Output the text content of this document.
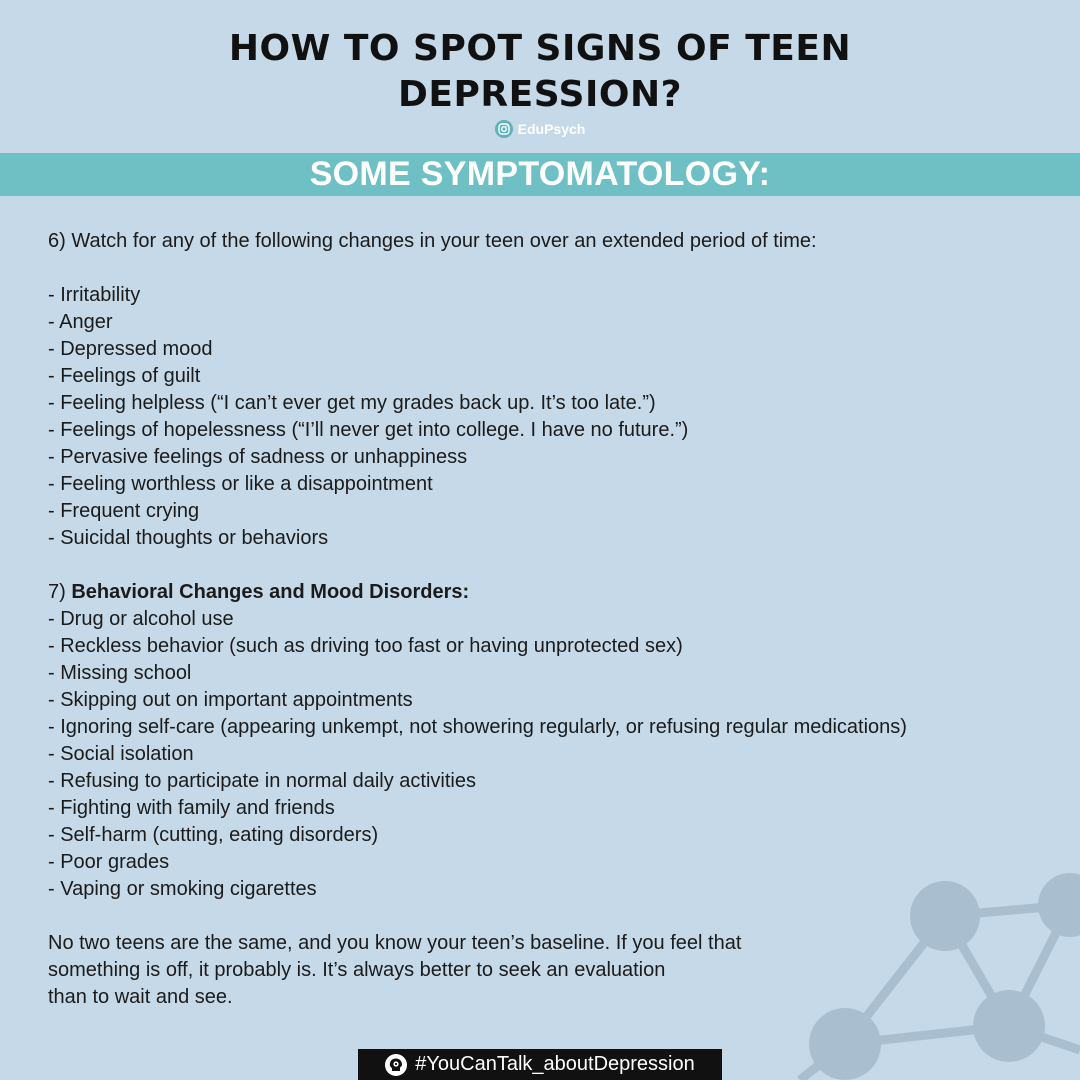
HOW TO SPOT SIGNS OF TEEN
DEPRESSION?
EduPsych
SOME SYMPTOMATOLOGY:

6) Watch for any of the following changes in your teen over an extended period of time:

- Irritability
- Anger
- Depressed mood
- Feelings of guilt
- Feeling helpless (“I can’t ever get my grades back up. It’s too late.”)
- Feelings of hopelessness (“I’ll never get into college. I have no future.”)
- Pervasive feelings of sadness or unhappiness
- Feeling worthless or like a disappointment
- Frequent crying
- Suicidal thoughts or behaviors

7) Behavioral Changes and Mood Disorders:

- Drug or alcohol use
- Reckless behavior (such as driving too fast or having unprotected sex)
- Missing school
- Skipping out on important appointments
- Ignoring self-care (appearing unkempt, not showering regularly, or refusing regular medications)
- Social isolation
- Refusing to participate in normal daily activities
- Fighting with family and friends
- Self-harm (cutting, eating disorders)
- Poor grades
- Vaping or smoking cigarettes

No two teens are the same, and you know your teen’s baseline. If you feel that
something is off, it probably is. It’s always better to seek an evaluation
than to wait and see.

#YouCanTalk_aboutDepression
